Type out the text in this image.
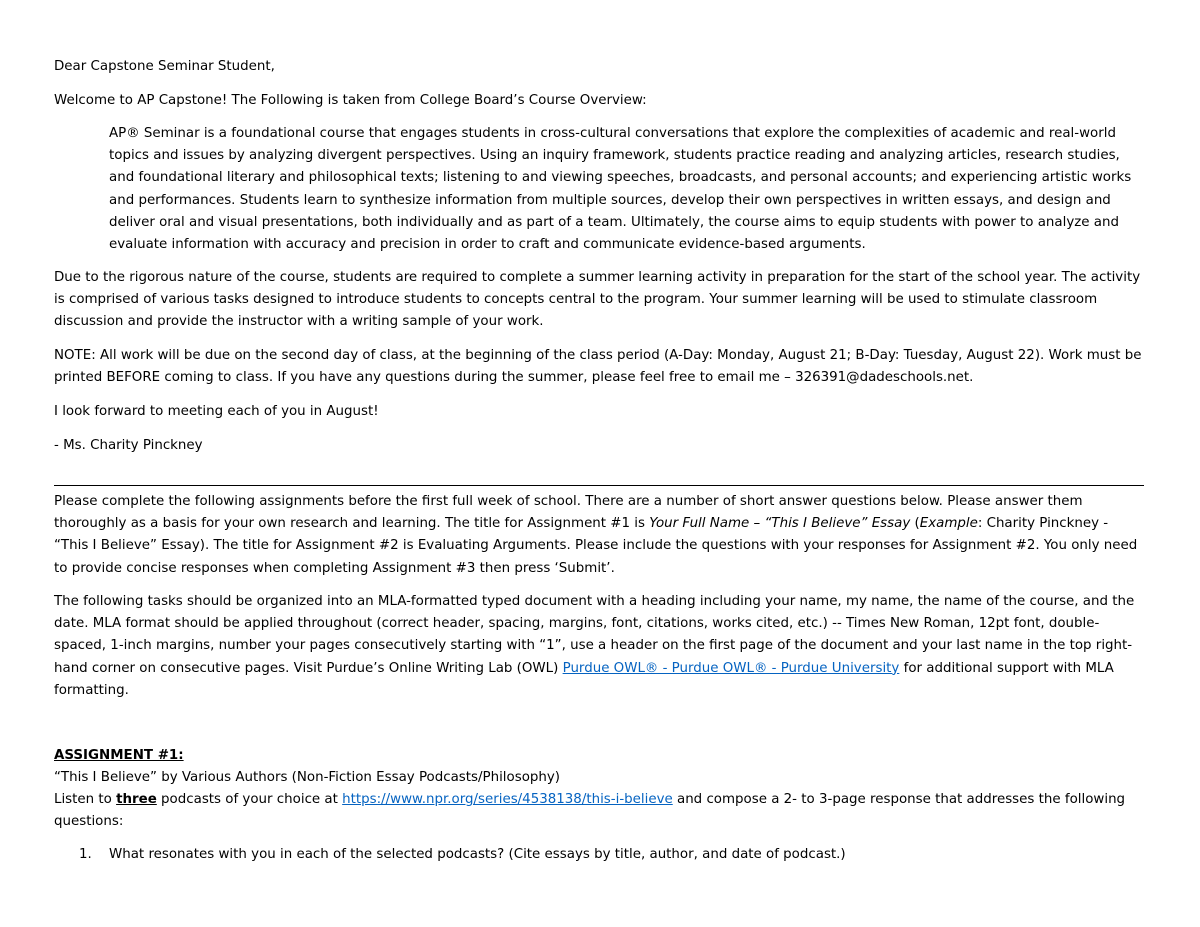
Dear Capstone Seminar Student,

Welcome to AP Capstone! The Following is taken from College Board’s Course Overview:

AP® Seminar is a foundational course that engages students in cross-cultural conversations that explore the complexities of academic and real-world topics and issues by analyzing divergent perspectives. Using an inquiry framework, students practice reading and analyzing articles, research studies, and foundational literary and philosophical texts; listening to and viewing speeches, broadcasts, and personal accounts; and experiencing artistic works and performances. Students learn to synthesize information from multiple sources, develop their own perspectives in written essays, and design and deliver oral and visual presentations, both individually and as part of a team. Ultimately, the course aims to equip students with power to analyze and evaluate information with accuracy and precision in order to craft and communicate evidence-based arguments.

Due to the rigorous nature of the course, students are required to complete a summer learning activity in preparation for the start of the school year. The activity is comprised of various tasks designed to introduce students to concepts central to the program. Your summer learning will be used to stimulate classroom discussion and provide the instructor with a writing sample of your work.

NOTE: All work will be due on the second day of class, at the beginning of the class period (A-Day: Monday, August 21; B-Day: Tuesday, August 22). Work must be printed BEFORE coming to class. If you have any questions during the summer, please feel free to email me – 326391@dadeschools.net.

I look forward to meeting each of you in August!

- Ms. Charity Pinckney

Please complete the following assignments before the first full week of school. There are a number of short answer questions below. Please answer them thoroughly as a basis for your own research and learning. The title for Assignment #1 is Your Full Name – “This I Believe” Essay (Example: Charity Pinckney - “This I Believe” Essay). The title for Assignment #2 is Evaluating Arguments. Please include the questions with your responses for Assignment #2. You only need to provide concise responses when completing Assignment #3 then press ‘Submit’.

The following tasks should be organized into an MLA-formatted typed document with a heading including your name, my name, the name of the course, and the date. MLA format should be applied throughout (correct header, spacing, margins, font, citations, works cited, etc.) -- Times New Roman, 12pt font, double-spaced, 1-inch margins, number your pages consecutively starting with “1”, use a header on the first page of the document and your last name in the top right-hand corner on consecutive pages. Visit Purdue’s Online Writing Lab (OWL) Purdue OWL® - Purdue OWL® - Purdue University for additional support with MLA formatting.

ASSIGNMENT #1:

“This I Believe” by Various Authors (Non-Fiction Essay Podcasts/Philosophy)

Listen to three podcasts of your choice at https://www.npr.org/series/4538138/this-i-believe and compose a 2- to 3-page response that addresses the following questions:

1. What resonates with you in each of the selected podcasts? (Cite essays by title, author, and date of podcast.)
